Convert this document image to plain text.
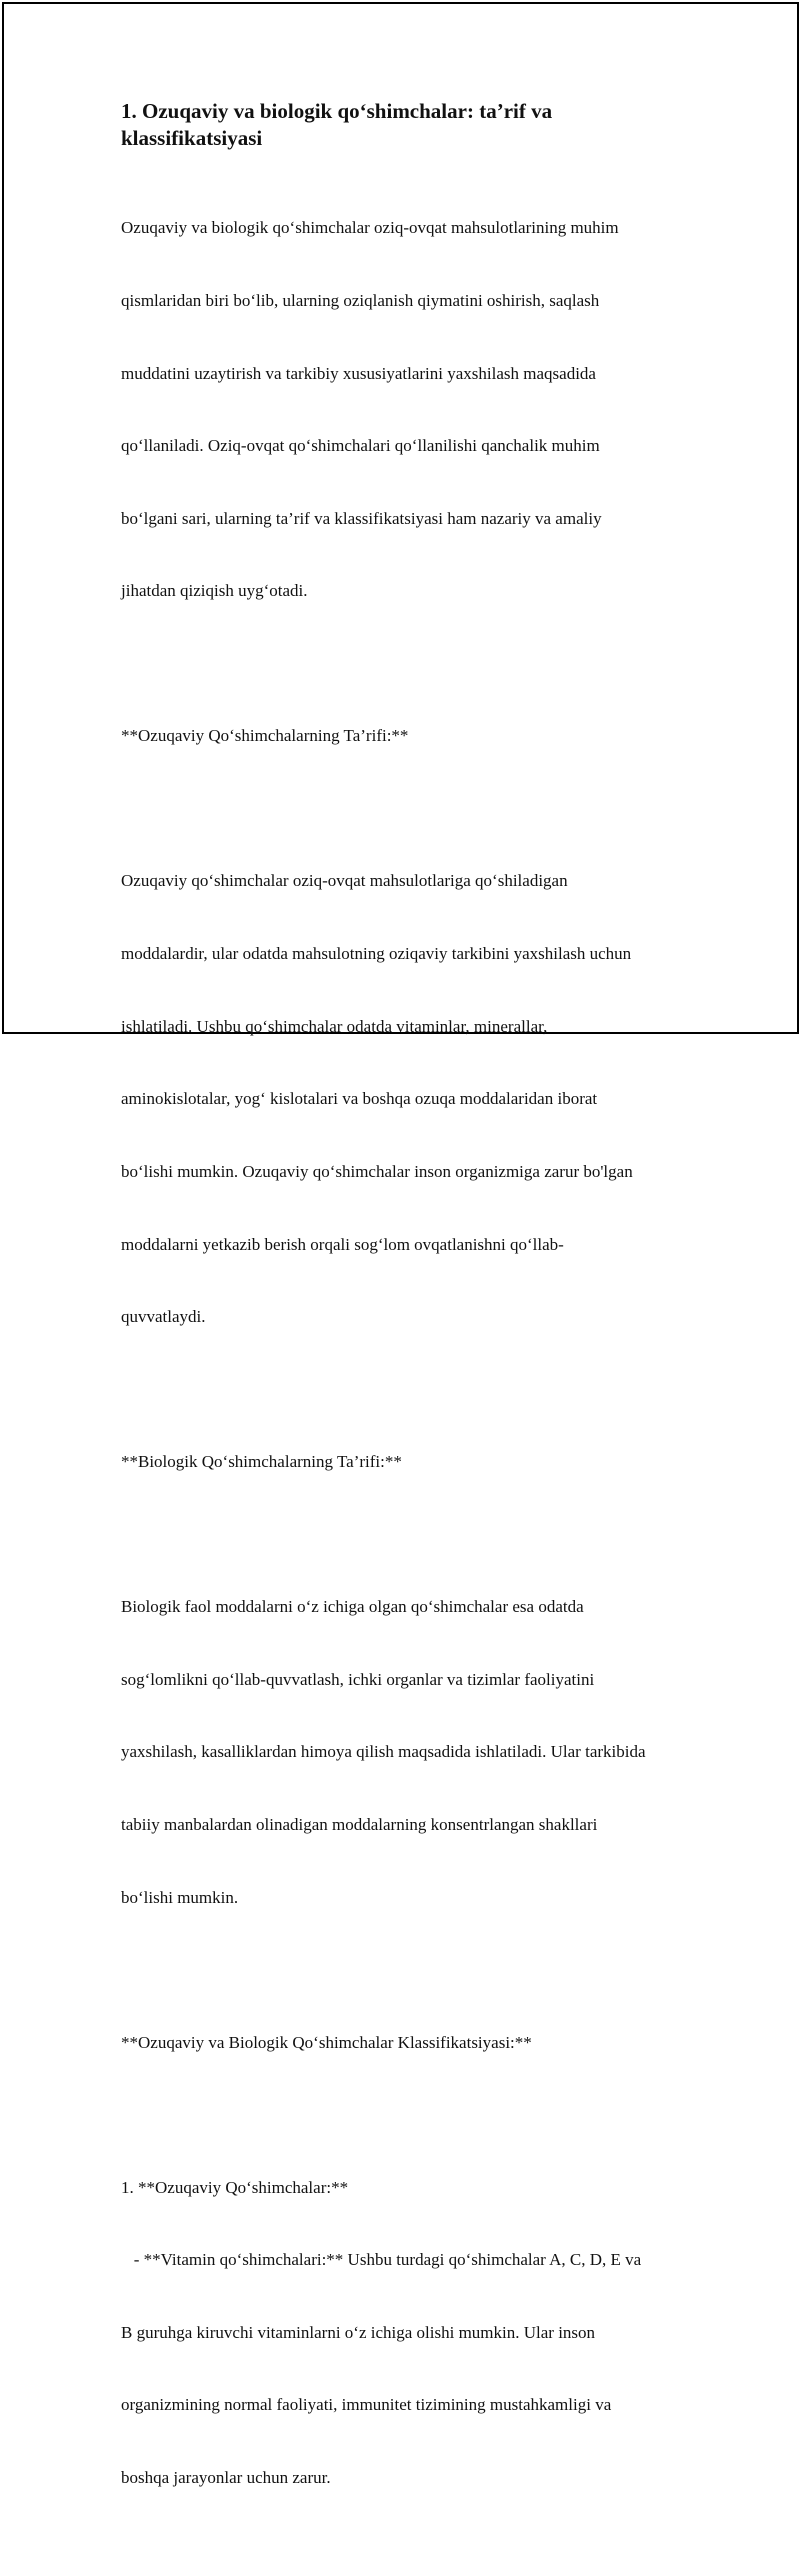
1. Ozuqaviy va biologik qo‘shimchalar: ta’rif va
klassifikatsiyasi

Ozuqaviy va biologik qo‘shimchalar oziq-ovqat mahsulotlarining muhim

qismlaridan biri bo‘lib, ularning oziqlanish qiymatini oshirish, saqlash

muddatini uzaytirish va tarkibiy xususiyatlarini yaxshilash maqsadida

qo‘llaniladi. Oziq-ovqat qo‘shimchalari qo‘llanilishi qanchalik muhim

bo‘lgani sari, ularning ta’rif va klassifikatsiyasi ham nazariy va amaliy

jihatdan qiziqish uyg‘otadi.

**Ozuqaviy Qo‘shimchalarning Ta’rifi:**

Ozuqaviy qo‘shimchalar oziq-ovqat mahsulotlariga qo‘shiladigan

moddalardir, ular odatda mahsulotning oziqaviy tarkibini yaxshilash uchun

ishlatiladi. Ushbu qo‘shimchalar odatda vitaminlar, minerallar,

aminokislotalar, yog‘ kislotalari va boshqa ozuqa moddalaridan iborat

bo‘lishi mumkin. Ozuqaviy qo‘shimchalar inson organizmiga zarur bo'lgan

moddalarni yetkazib berish orqali sog‘lom ovqatlanishni qo‘llab-

quvvatlaydi.

**Biologik Qo‘shimchalarning Ta’rifi:**

Biologik faol moddalarni o‘z ichiga olgan qo‘shimchalar esa odatda

sog‘lomlikni qo‘llab-quvvatlash, ichki organlar va tizimlar faoliyatini

yaxshilash, kasalliklardan himoya qilish maqsadida ishlatiladi. Ular tarkibida

tabiiy manbalardan olinadigan moddalarning konsentrlangan shakllari

bo‘lishi mumkin.

**Ozuqaviy va Biologik Qo‘shimchalar Klassifikatsiyasi:**

1. **Ozuqaviy Qo‘shimchalar:**

- **Vitamin qo‘shimchalari:** Ushbu turdagi qo‘shimchalar A, C, D, E va

B guruhga kiruvchi vitaminlarni o‘z ichiga olishi mumkin. Ular inson

organizmining normal faoliyati, immunitet tizimining mustahkamligi va

boshqa jarayonlar uchun zarur.
